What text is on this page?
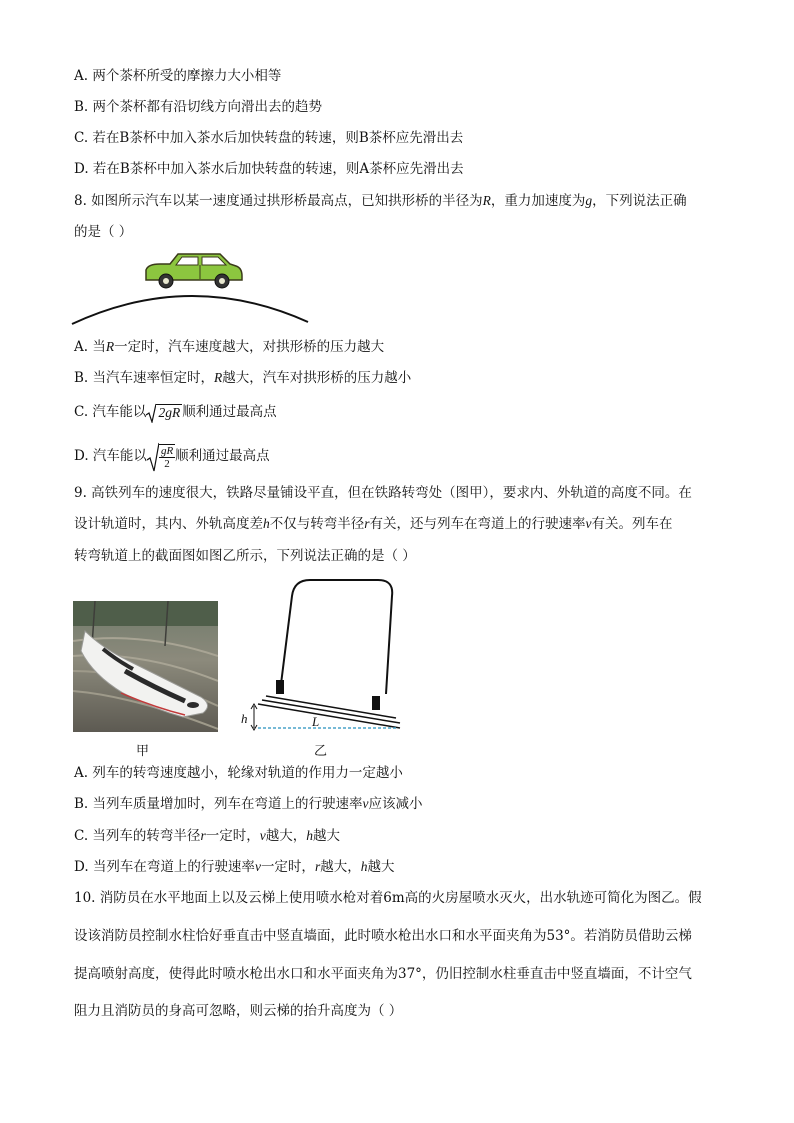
A. 两个茶杯所受的摩擦力大小相等
B. 两个茶杯都有沿切线方向滑出去的趋势
C. 若在B茶杯中加入茶水后加快转盘的转速，则B茶杯应先滑出去
D. 若在B茶杯中加入茶水后加快转盘的转速，则A茶杯应先滑出去
8. 如图所示汽车以某一速度通过拱形桥最高点，已知拱形桥的半径为R，重力加速度为g，下列说法正确
的是（ ）
A. 当R一定时，汽车速度越大，对拱形桥的压力越大
B. 当汽车速率恒定时，R越大，汽车对拱形桥的压力越小
C. 汽车能以 2gR 顺利通过最高点
D. 汽车能以 $\frac{gR}{2}$ 顺利通过最高点
9. 高铁列车的速度很大，铁路尽量铺设平直，但在铁路转弯处（图甲），要求内、外轨道的高度不同。在
设计轨道时，其内、外轨高度差h不仅与转弯半径r有关，还与列车在弯道上的行驶速率v有关。列车在
转弯轨道上的截面图如图乙所示，下列说法正确的是（ ）
甲
h	L
乙
A. 列车的转弯速度越小，轮缘对轨道的作用力一定越小
B. 当列车质量增加时，列车在弯道上的行驶速率v应该减小
C. 当列车的转弯半径r一定时，v越大，h越大
D. 当列车在弯道上的行驶速率v一定时，r越大，h越大
10. 消防员在水平地面上以及云梯上使用喷水枪对着6m高的火房屋喷水灭火，出水轨迹可简化为图乙。假
设该消防员控制水柱恰好垂直击中竖直墙面，此时喷水枪出水口和水平面夹角为53°。若消防员借助云梯
提高喷射高度，使得此时喷水枪出水口和水平面夹角为37°，仍旧控制水柱垂直击中竖直墙面，不计空气
阻力且消防员的身高可忽略，则云梯的抬升高度为（ ）
